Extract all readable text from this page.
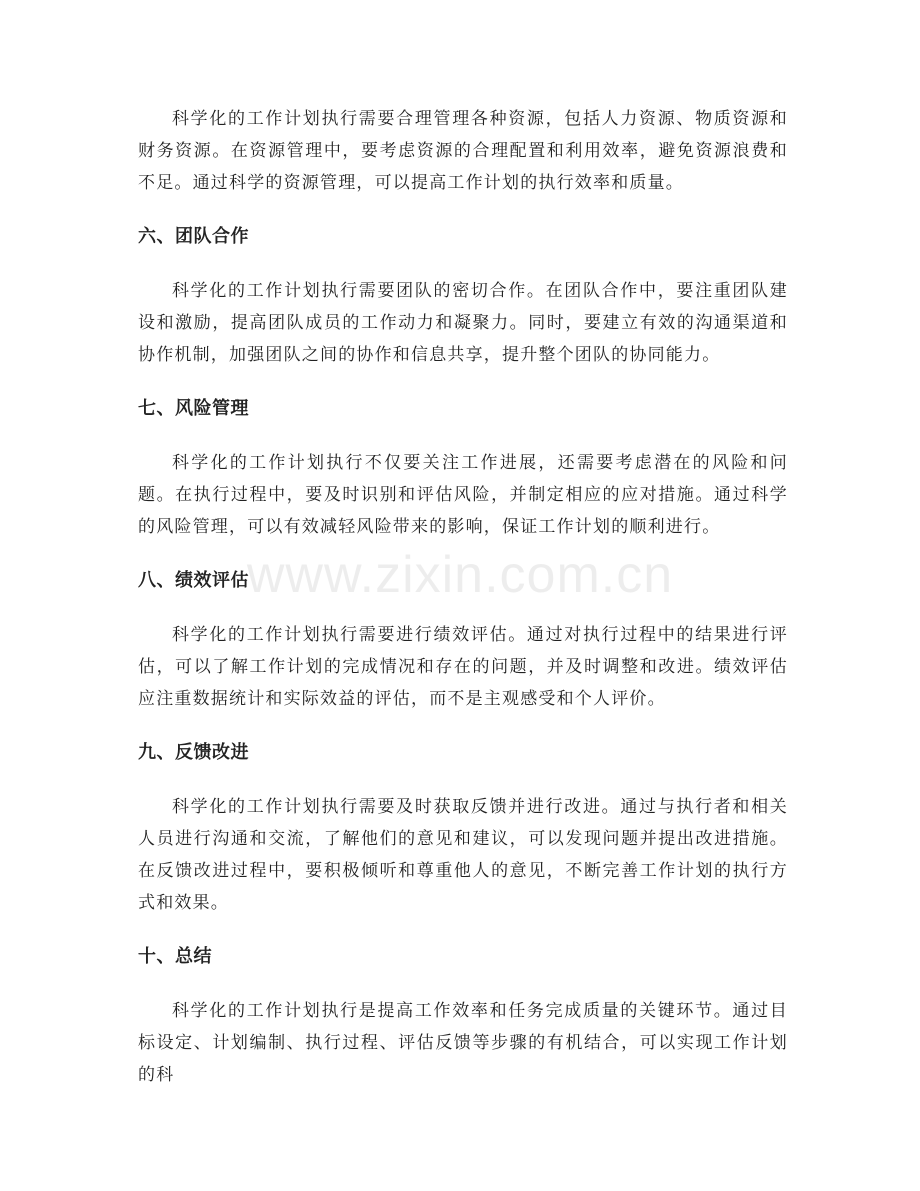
科学化的工作计划执行需要合理管理各种资源，包括人力资源、物质资源和财务资源。在资源管理中，要考虑资源的合理配置和利用效率，避免资源浪费和不足。通过科学的资源管理，可以提高工作计划的执行效率和质量。

六、团队合作

科学化的工作计划执行需要团队的密切合作。在团队合作中，要注重团队建设和激励，提高团队成员的工作动力和凝聚力。同时，要建立有效的沟通渠道和协作机制，加强团队之间的协作和信息共享，提升整个团队的协同能力。

七、风险管理

科学化的工作计划执行不仅要关注工作进展，还需要考虑潜在的风险和问题。在执行过程中，要及时识别和评估风险，并制定相应的应对措施。通过科学的风险管理，可以有效减轻风险带来的影响，保证工作计划的顺利进行。

八、绩效评估

科学化的工作计划执行需要进行绩效评估。通过对执行过程中的结果进行评估，可以了解工作计划的完成情况和存在的问题，并及时调整和改进。绩效评估应注重数据统计和实际效益的评估，而不是主观感受和个人评价。

九、反馈改进

科学化的工作计划执行需要及时获取反馈并进行改进。通过与执行者和相关人员进行沟通和交流，了解他们的意见和建议，可以发现问题并提出改进措施。在反馈改进过程中，要积极倾听和尊重他人的意见，不断完善工作计划的执行方式和效果。

十、总结

科学化的工作计划执行是提高工作效率和任务完成质量的关键环节。通过目标设定、计划编制、执行过程、评估反馈等步骤的有机结合，可以实现工作计划的科

www.zixin.com.cn
